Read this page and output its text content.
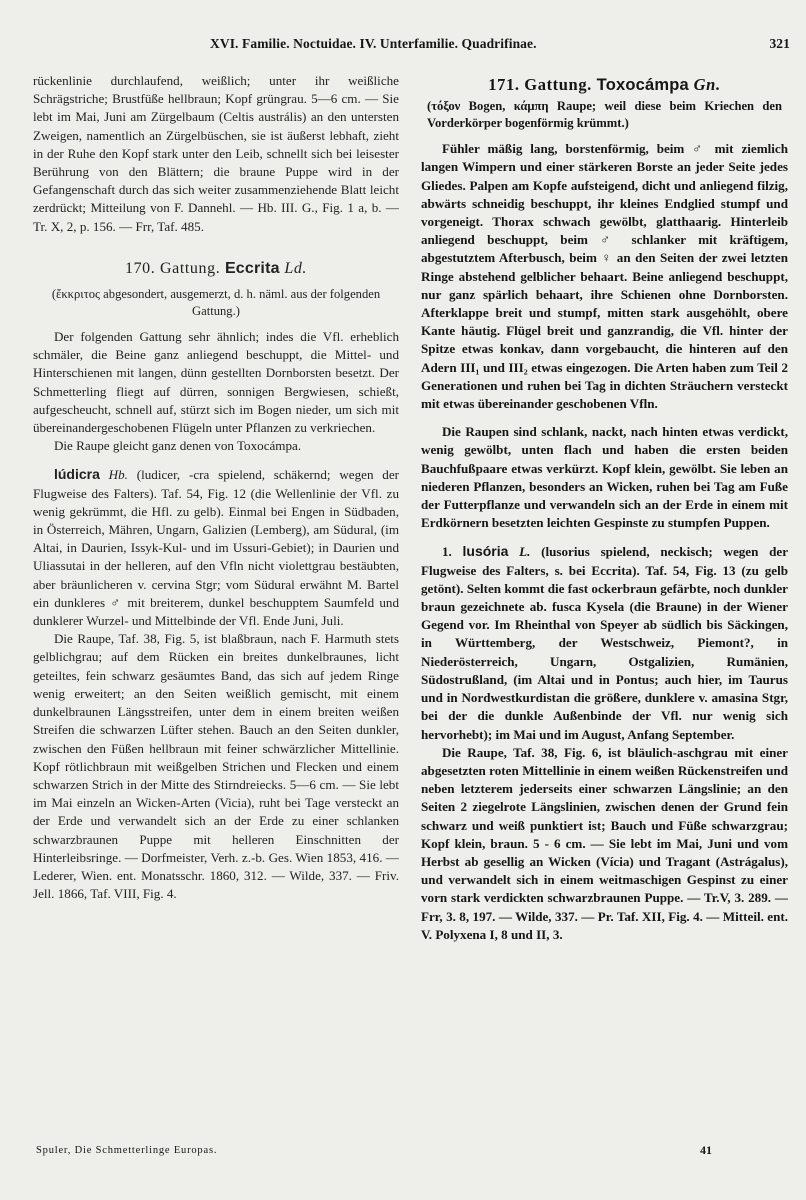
XVI. Familie. Noctuidae. IV. Unterfamilie. Quadrifinae.	321

rückenlinie durchlaufend, weißlich; unter ihr weißliche Schrägstriche; Brustfüße hellbraun; Kopf grüngrau. 5—6 cm. — Sie lebt im Mai, Juni am Zürgelbaum (Celtis austrális) an den untersten Zweigen, namentlich an Zürgelbüschen, sie ist äußerst lebhaft, zieht in der Ruhe den Kopf stark unter den Leib, schnellt sich bei leisester Berührung von den Blättern; die braune Puppe wird in der Gefangenschaft durch das sich weiter zusammenziehende Blatt leicht zerdrückt; Mitteilung von F. Dannehl. — Hb. III. G., Fig. 1 a, b. — Tr. X, 2, p. 156. — Frr, Taf. 485.

170. Gattung. Eccrita Ld.

(ἔκκριτος abgesondert, ausgemerzt, d. h. näml. aus der folgenden Gattung.)

Der folgenden Gattung sehr ähnlich; indes die Vfl. erheblich schmäler, die Beine ganz anliegend beschuppt, die Mittel- und Hinterschienen mit langen, dünn gestellten Dornborsten besetzt. Der Schmetterling fliegt auf dürren, sonnigen Bergwiesen, schießt, aufgescheucht, schnell auf, stürzt sich im Bogen nieder, um sich mit übereinandergeschobenen Flügeln unter Pflanzen zu verkriechen.

Die Raupe gleicht ganz denen von Toxocámpa.

lúdicra Hb. (ludicer, -cra spielend, schäkernd; wegen der Flugweise des Falters). Taf. 54, Fig. 12 (die Wellenlinie der Vfl. zu wenig gekrümmt, die Hfl. zu gelb). Einmal bei Engen in Südbaden, in Österreich, Mähren, Ungarn, Galizien (Lemberg), am Südural, (im Altai, in Daurien, Issyk-Kul- und im Ussuri-Gebiet); in Daurien und Uliassutai in der helleren, auf den Vfln nicht violettgrau bestäubten, aber bräunlicheren v. cervina Stgr; vom Südural erwähnt M. Bartel ein dunkleres ♂ mit breiterem, dunkel beschupptem Saumfeld und dunklerer Wurzel- und Mittelbinde der Vfl. Ende Juni, Juli.

Die Raupe, Taf. 38, Fig. 5, ist blaßbraun, nach F. Harmuth stets gelblichgrau; auf dem Rücken ein breites dunkelbraunes, licht geteiltes, fein schwarz gesäumtes Band, das sich auf jedem Ringe wenig erweitert; an den Seiten weißlich gemischt, mit einem dunkelbraunen Längsstreifen, unter dem in einem breiten weißen Streifen die schwarzen Lüfter stehen. Bauch an den Seiten dunkler, zwischen den Füßen hellbraun mit feiner schwärzlicher Mittellinie. Kopf rötlichbraun mit weißgelben Strichen und Flecken und einem schwarzen Strich in der Mitte des Stirndreiecks. 5—6 cm. — Sie lebt im Mai einzeln an Wicken-Arten (Vicia), ruht bei Tage versteckt an der Erde und verwandelt sich an der Erde zu einer schlanken schwarzbraunen Puppe mit helleren Einschnitten der Hinterleibsringe. — Dorfmeister, Verh. z.-b. Ges. Wien 1853, 416. — Lederer, Wien. ent. Monatsschr. 1860, 312. — Wilde, 337. — Friv. Jell. 1866, Taf. VIII, Fig. 4.

171. Gattung. Toxocámpa Gn.

(τόξον Bogen, κάμπη Raupe; weil diese beim Kriechen den Vorderkörper bogenförmig krümmt.)

Fühler mäßig lang, borstenförmig, beim ♂ mit ziemlich langen Wimpern und einer stärkeren Borste an jeder Seite jedes Gliedes. Palpen am Kopfe aufsteigend, dicht und anliegend filzig, abwärts schneidig beschuppt, ihr kleines Endglied stumpf und vorgeneigt. Thorax schwach gewölbt, glatthaarig. Hinterleib anliegend beschuppt, beim ♂ schlanker mit kräftigem, abgestutztem Afterbusch, beim ♀ an den Seiten der zwei letzten Ringe abstehend gelblicher behaart. Beine anliegend beschuppt, nur ganz spärlich behaart, ihre Schienen ohne Dornborsten. Afterklappe breit und stumpf, mitten stark ausgehöhlt, obere Kante häutig. Flügel breit und ganzrandig, die Vfl. hinter der Spitze etwas konkav, dann vorgebaucht, die hinteren auf den Adern III₁ und III₂ etwas eingezogen. Die Arten haben zum Teil 2 Generationen und ruhen bei Tag in dichten Sträuchern versteckt mit etwas übereinander geschobenen Vfln.

Die Raupen sind schlank, nackt, nach hinten etwas verdickt, wenig gewölbt, unten flach und haben die ersten beiden Bauchfußpaare etwas verkürzt. Kopf klein, gewölbt. Sie leben an niederen Pflanzen, besonders an Wicken, ruhen bei Tag am Fuße der Futterpflanze und verwandeln sich an der Erde in einem mit Erdkörnern besetzten leichten Gespinste zu stumpfen Puppen.

1. lusória L. (lusorius spielend, neckisch; wegen der Flugweise des Falters, s. bei Eccrita). Taf. 54, Fig. 13 (zu gelb getönt). Selten kommt die fast ockerbraun gefärbte, noch dunkler braun gezeichnete ab. fusca Kysela (die Braune) in der Wiener Gegend vor. Im Rheinthal von Speyer ab südlich bis Säckingen, in Württemberg, der Westschweiz, Piemont?, in Niederösterreich, Ungarn, Ostgalizien, Rumänien, Südostrußland, (im Altai und in Pontus; auch hier, im Taurus und in Nordwestkurdistan die größere, dunklere v. amasina Stgr, bei der die dunkle Außenbinde der Vfl. nur wenig sich hervorhebt); im Mai und im August, Anfang September.

Die Raupe, Taf. 38, Fig. 6, ist bläulich-aschgrau mit einer abgesetzten roten Mittellinie in einem weißen Rückenstreifen und neben letzterem jederseits einer schwarzen Längslinie; an den Seiten 2 ziegelrote Längslinien, zwischen denen der Grund fein schwarz und weiß punktiert ist; Bauch und Füße schwarzgrau; Kopf klein, braun. 5 - 6 cm. — Sie lebt im Mai, Juni und vom Herbst ab gesellig an Wicken (Vícia) und Tragant (Astrágalus), und verwandelt sich in einem weitmaschigen Gespinst zu einer vorn stark verdickten schwarzbraunen Puppe. — Tr.V, 3. 289. — Frr, 3. 8, 197. — Wilde, 337. — Pr. Taf. XII, Fig. 4. — Mitteil. ent. V. Polyxena I, 8 und II, 3.

Spuler, Die Schmetterlinge Europas.	41
